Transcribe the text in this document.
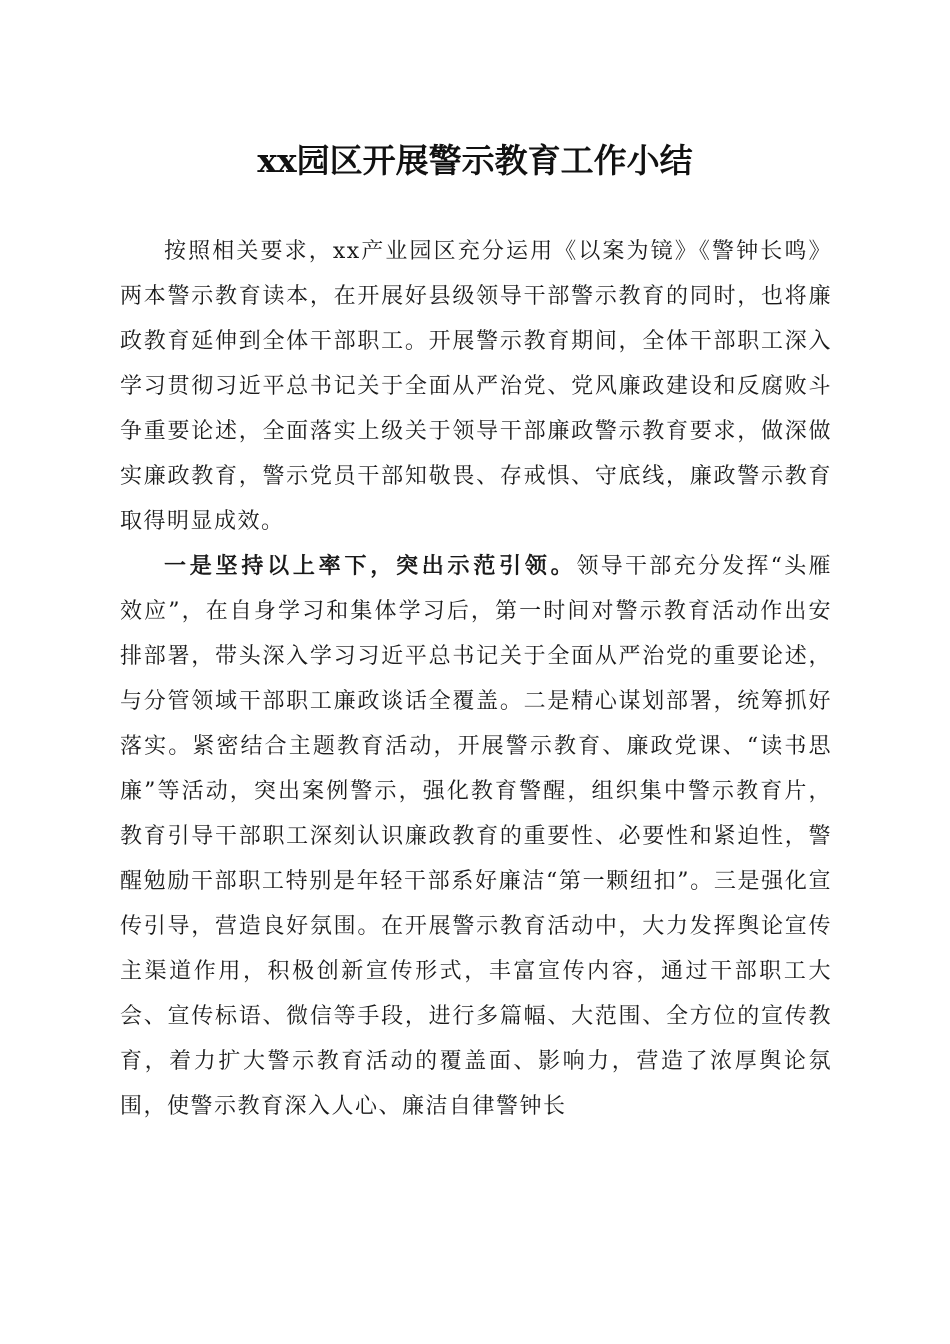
xx园区开展警示教育工作小结

按照相关要求，xx产业园区充分运用《以案为镜》《警钟长鸣》两本警示教育读本，在开展好县级领导干部警示教育的同时，也将廉政教育延伸到全体干部职工。开展警示教育期间，全体干部职工深入学习贯彻习近平总书记关于全面从严治党、党风廉政建设和反腐败斗争重要论述，全面落实上级关于领导干部廉政警示教育要求，做深做实廉政教育，警示党员干部知敬畏、存戒惧、守底线，廉政警示教育取得明显成效。

一是坚持以上率下，突出示范引领。领导干部充分发挥“头雁效应”，在自身学习和集体学习后，第一时间对警示教育活动作出安排部署，带头深入学习习近平总书记关于全面从严治党的重要论述，与分管领域干部职工廉政谈话全覆盖。二是精心谋划部署，统筹抓好落实。紧密结合主题教育活动，开展警示教育、廉政党课、“读书思廉”等活动，突出案例警示，强化教育警醒，组织集中警示教育片，教育引导干部职工深刻认识廉政教育的重要性、必要性和紧迫性，警醒勉励干部职工特别是年轻干部系好廉洁“第一颗纽扣”。三是强化宣传引导，营造良好氛围。在开展警示教育活动中，大力发挥舆论宣传主渠道作用，积极创新宣传形式，丰富宣传内容，通过干部职工大会、宣传标语、微信等手段，进行多篇幅、大范围、全方位的宣传教育，着力扩大警示教育活动的覆盖面、影响力，营造了浓厚舆论氛围，使警示教育深入人心、廉洁自律警钟长
